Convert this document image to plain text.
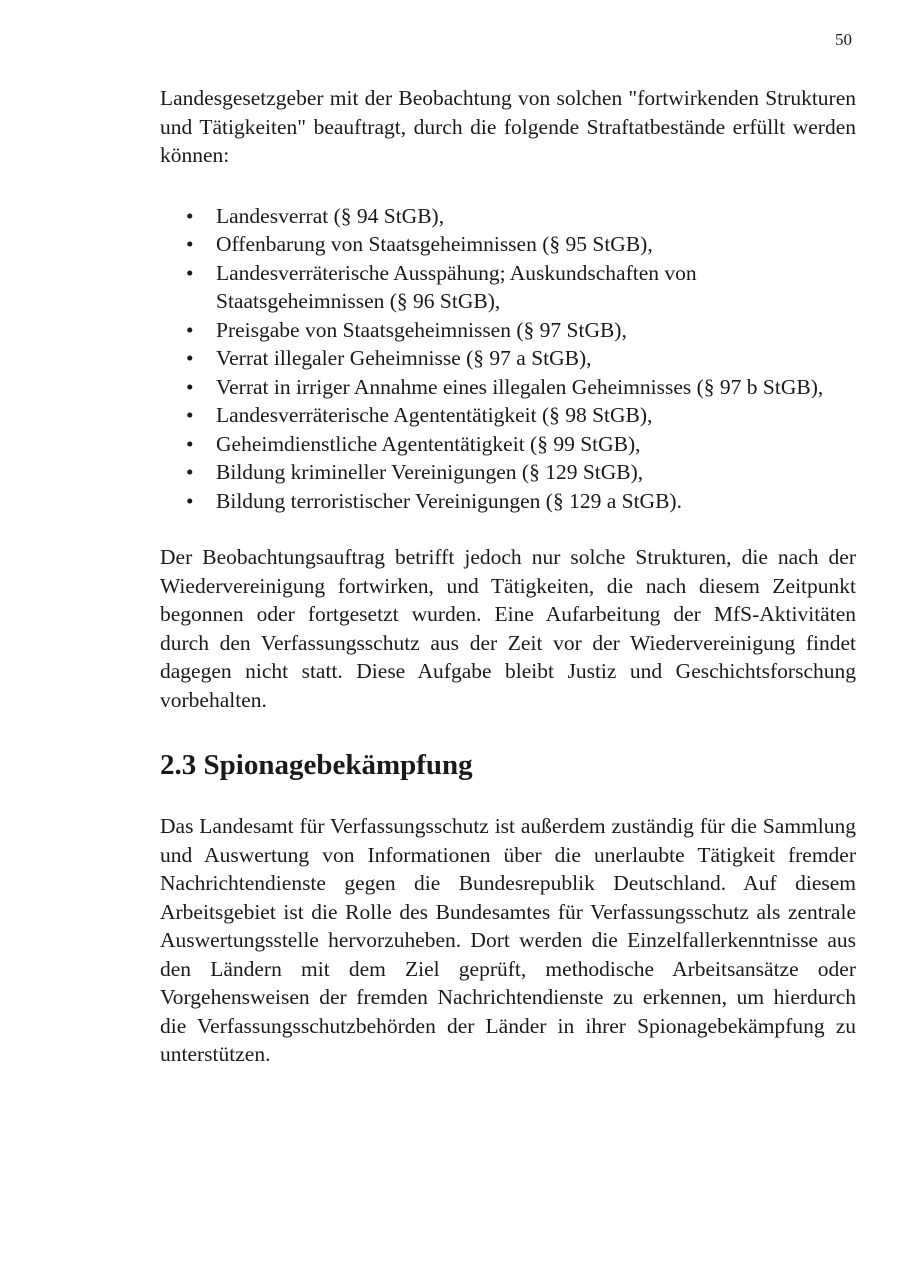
50

Landesgesetzgeber mit der Beobachtung von solchen "fortwirkenden Strukturen und Tätigkeiten" beauftragt, durch die folgende Straftatbestände erfüllt werden können:

• Landesverrat (§ 94 StGB),
• Offenbarung von Staatsgeheimnissen (§ 95 StGB),
• Landesverräterische Ausspähung; Auskundschaften von Staatsgeheimnissen (§ 96 StGB),
• Preisgabe von Staatsgeheimnissen (§ 97 StGB),
• Verrat illegaler Geheimnisse (§ 97 a StGB),
• Verrat in irriger Annahme eines illegalen Geheimnisses (§ 97 b StGB),
• Landesverräterische Agententätigkeit (§ 98 StGB),
• Geheimdienstliche Agententätigkeit (§ 99 StGB),
• Bildung krimineller Vereinigungen (§ 129 StGB),
• Bildung terroristischer Vereinigungen (§ 129 a StGB).

Der Beobachtungsauftrag betrifft jedoch nur solche Strukturen, die nach der Wiedervereinigung fortwirken, und Tätigkeiten, die nach diesem Zeitpunkt begonnen oder fortgesetzt wurden. Eine Aufarbeitung der MfS-Aktivitäten durch den Verfassungsschutz aus der Zeit vor der Wiedervereinigung findet dagegen nicht statt. Diese Aufgabe bleibt Justiz und Geschichtsforschung vorbehalten.

2.3 Spionagebekämpfung

Das Landesamt für Verfassungsschutz ist außerdem zuständig für die Sammlung und Auswertung von Informationen über die unerlaubte Tätigkeit fremder Nachrichtendienste gegen die Bundesrepublik Deutschland. Auf diesem Arbeitsgebiet ist die Rolle des Bundesamtes für Verfassungsschutz als zentrale Auswertungsstelle hervorzuheben. Dort werden die Einzelfallerkenntnisse aus den Ländern mit dem Ziel geprüft, methodische Arbeitsansätze oder Vorgehensweisen der fremden Nachrichtendienste zu erkennen, um hierdurch die Verfassungsschutzbehörden der Länder in ihrer Spionagebekämpfung zu unterstützen.
